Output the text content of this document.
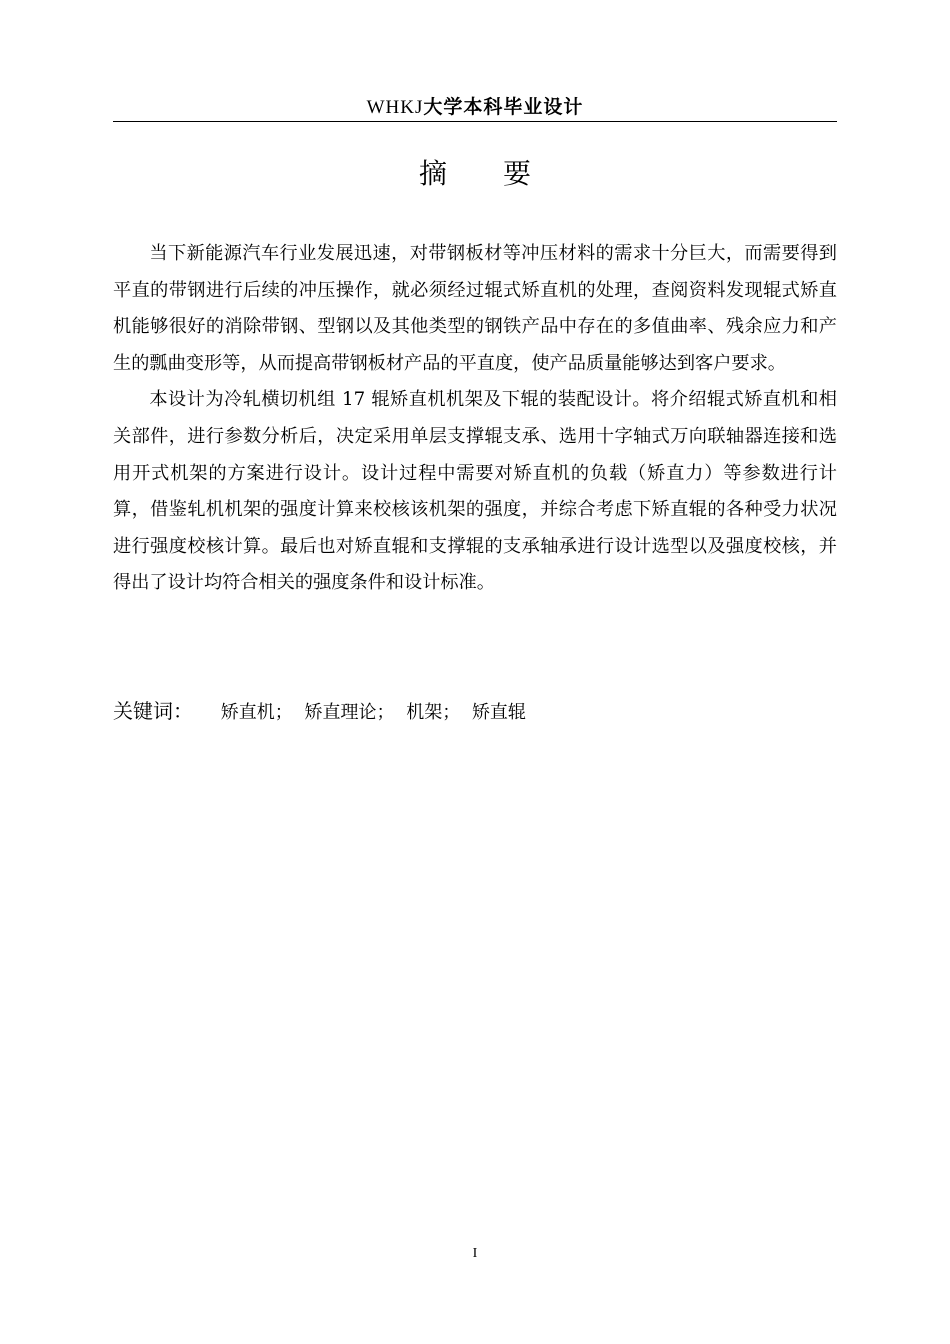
WHKJ大学本科毕业设计
摘要

当下新能源汽车行业发展迅速，对带钢板材等冲压材料的需求十分巨大，而需要得到平直的带钢进行后续的冲压操作，就必须经过辊式矫直机的处理，查阅资料发现辊式矫直机能够很好的消除带钢、型钢以及其他类型的钢铁产品中存在的多值曲率、残余应力和产生的瓢曲变形等，从而提高带钢板材产品的平直度，使产品质量能够达到客户要求。

本设计为冷轧横切机组 17 辊矫直机机架及下辊的装配设计。将介绍辊式矫直机和相关部件，进行参数分析后，决定采用单层支撑辊支承、选用十字轴式万向联轴器连接和选用开式机架的方案进行设计。设计过程中需要对矫直机的负载（矫直力）等参数进行计算，借鉴轧机机架的强度计算来校核该机架的强度，并综合考虑下矫直辊的各种受力状况进行强度校核计算。最后也对矫直辊和支撑辊的支承轴承进行设计选型以及强度校核，并得出了设计均符合相关的强度条件和设计标准。

关键词： 矫直机； 矫直理论； 机架； 矫直辊
I
